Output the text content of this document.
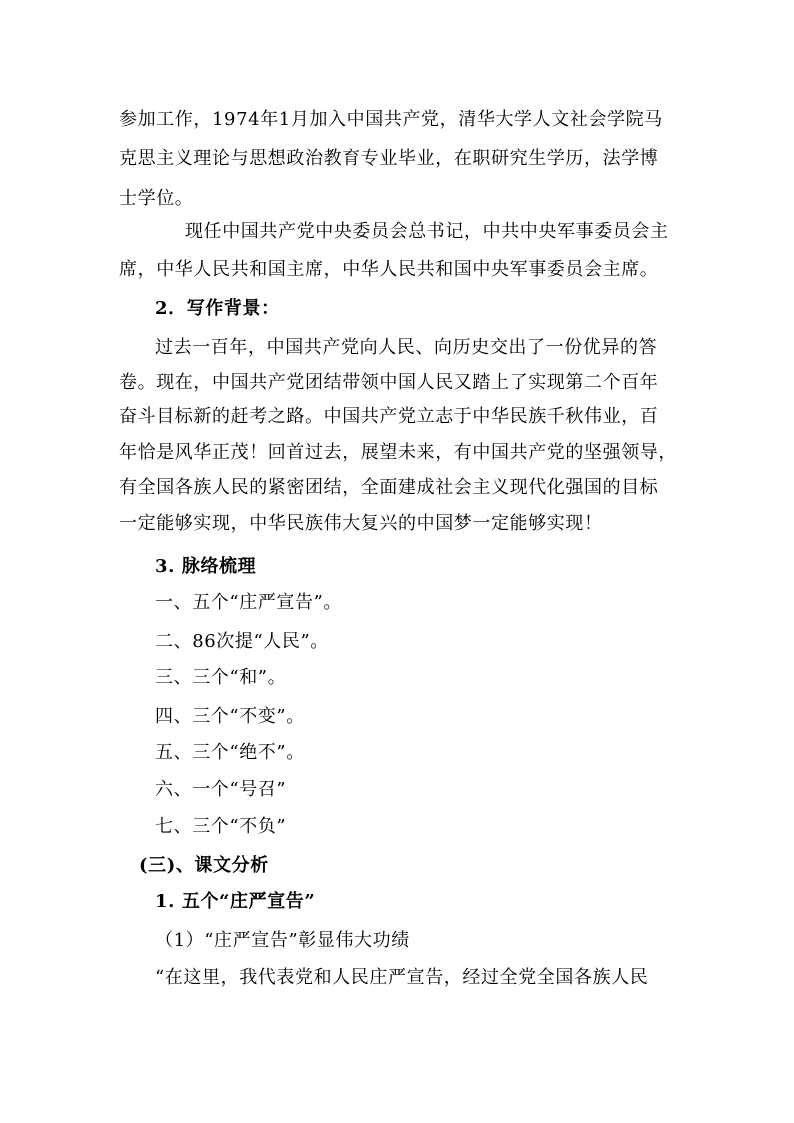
参加工作，1974年1月加入中国共产党，清华大学人文社会学院马
克思主义理论与思想政治教育专业毕业，在职研究生学历，法学博
士学位。
现任中国共产党中央委员会总书记，中共中央军事委员会主
席，中华人民共和国主席，中华人民共和国中央军事委员会主席。
2．写作背景：
过去一百年，中国共产党向人民、向历史交出了一份优异的答
卷。现在，中国共产党团结带领中国人民又踏上了实现第二个百年
奋斗目标新的赶考之路。中国共产党立志于中华民族千秋伟业，百
年恰是风华正茂！回首过去，展望未来，有中国共产党的坚强领导，
有全国各族人民的紧密团结，全面建成社会主义现代化强国的目标
一定能够实现，中华民族伟大复兴的中国梦一定能够实现！
3. 脉络梳理
一、五个“庄严宣告”。
二、86次提“人民”。
三、三个“和”。
四、三个“不变”。
五、三个“绝不”。
六、一个“号召”
七、三个“不负”
(三)、课文分析
1. 五个“庄严宣告”
（1）“庄严宣告”彰显伟大功绩
“在这里，我代表党和人民庄严宣告，经过全党全国各族人民
